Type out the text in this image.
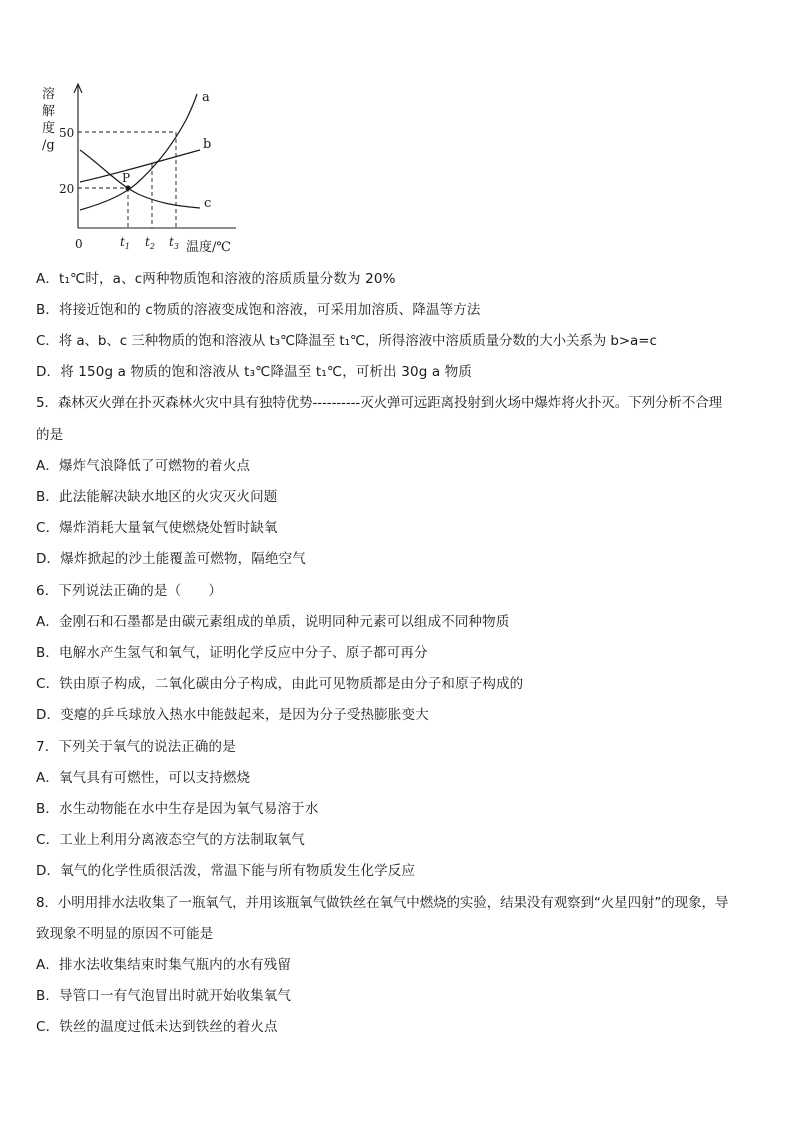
溶
解
度
/g
50
20
0	$t_1$ $t_2$ $t_3$ 温度/℃
a
b
c
P
A．t₁℃时，a、c两种物质饱和溶液的溶质质量分数为 20%
B．将接近饱和的 c物质的溶液变成饱和溶液，可采用加溶质、降温等方法
C．将 a、b、c 三种物质的饱和溶液从 t₃℃降温至 t₁℃，所得溶液中溶质质量分数的大小关系为 b>a=c
D．将 150g a 物质的饱和溶液从 t₃℃降温至 t₁℃，可析出 30g a 物质
5．森林灭火弹在扑灭森林火灾中具有独特优势----------灭火弹可远距离投射到火场中爆炸将火扑灭。下列分析不合理
的是
A．爆炸气浪降低了可燃物的着火点
B．此法能解决缺水地区的火灾灭火问题
C．爆炸消耗大量氧气使燃烧处暂时缺氧
D．爆炸掀起的沙土能覆盖可燃物，隔绝空气
6．下列说法正确的是（　　）
A．金刚石和石墨都是由碳元素组成的单质，说明同种元素可以组成不同种物质
B．电解水产生氢气和氧气，证明化学反应中分子、原子都可再分
C．铁由原子构成，二氧化碳由分子构成，由此可见物质都是由分子和原子构成的
D．变瘪的乒乓球放入热水中能鼓起来，是因为分子受热膨胀变大
7．下列关于氧气的说法正确的是
A．氧气具有可燃性，可以支持燃烧
B．水生动物能在水中生存是因为氧气易溶于水
C．工业上利用分离液态空气的方法制取氧气
D．氧气的化学性质很活泼，常温下能与所有物质发生化学反应
8．小明用排水法收集了一瓶氧气，并用该瓶氧气做铁丝在氧气中燃烧的实验，结果没有观察到“火星四射”的现象，导
致现象不明显的原因不可能是
A．排水法收集结束时集气瓶内的水有残留
B．导管口一有气泡冒出时就开始收集氧气
C．铁丝的温度过低未达到铁丝的着火点
